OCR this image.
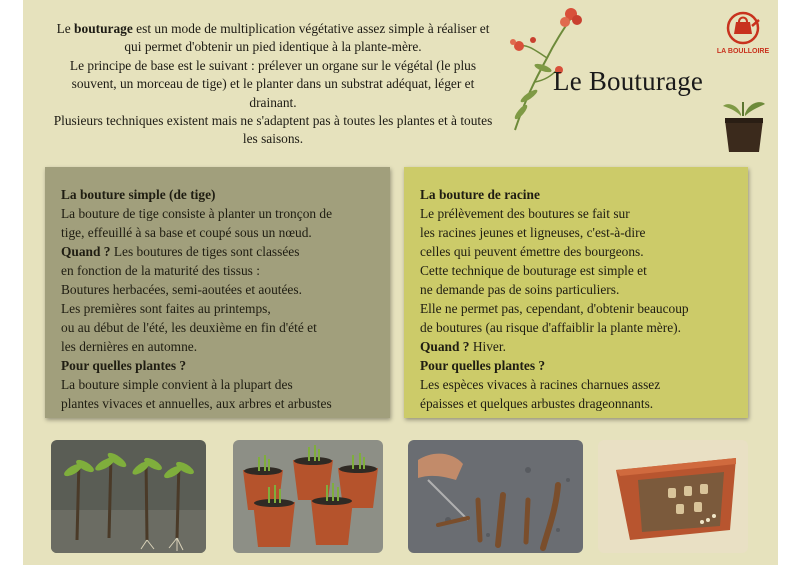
Le bouturage est un mode de multiplication végétative assez simple à réaliser et qui permet d'obtenir un pied identique à la plante-mère.

Le principe de base est le suivant : prélever un organe sur le végétal (le plus souvent, un morceau de tige) et le planter dans un substrat adéquat, léger et drainant.

Plusieurs techniques existent mais ne s'adaptent pas à toutes les plantes et à toutes les saisons.

Le Bouturage
LA BOULLOIRE
La bouture simple (de tige)
La bouture de tige consiste à planter un tronçon de
tige, effeuillé à sa base et coupé sous un nœud.
Quand ? Les boutures de tiges sont classées
en fonction de la maturité des tissus :
Boutures herbacées, semi-aoutées et aoutées.
Les premières sont faites au printemps,
ou au début de l'été, les deuxième en fin d'été et
les dernières en automne.
Pour quelles plantes ?
La bouture simple convient à la plupart des
plantes vivaces et annuelles, aux arbres et arbustes
La bouture de racine
Le prélèvement des boutures se fait sur
les racines jeunes et ligneuses, c'est-à-dire
celles qui peuvent émettre des bourgeons.
Cette technique de bouturage est simple et
ne demande pas de soins particuliers.
Elle ne permet pas, cependant, d'obtenir beaucoup
de boutures (au risque d'affaiblir la plante mère).
Quand ? Hiver.
Pour quelles plantes ?
Les espèces vivaces à racines charnues assez
épaisses et quelques arbustes drageonnants.
